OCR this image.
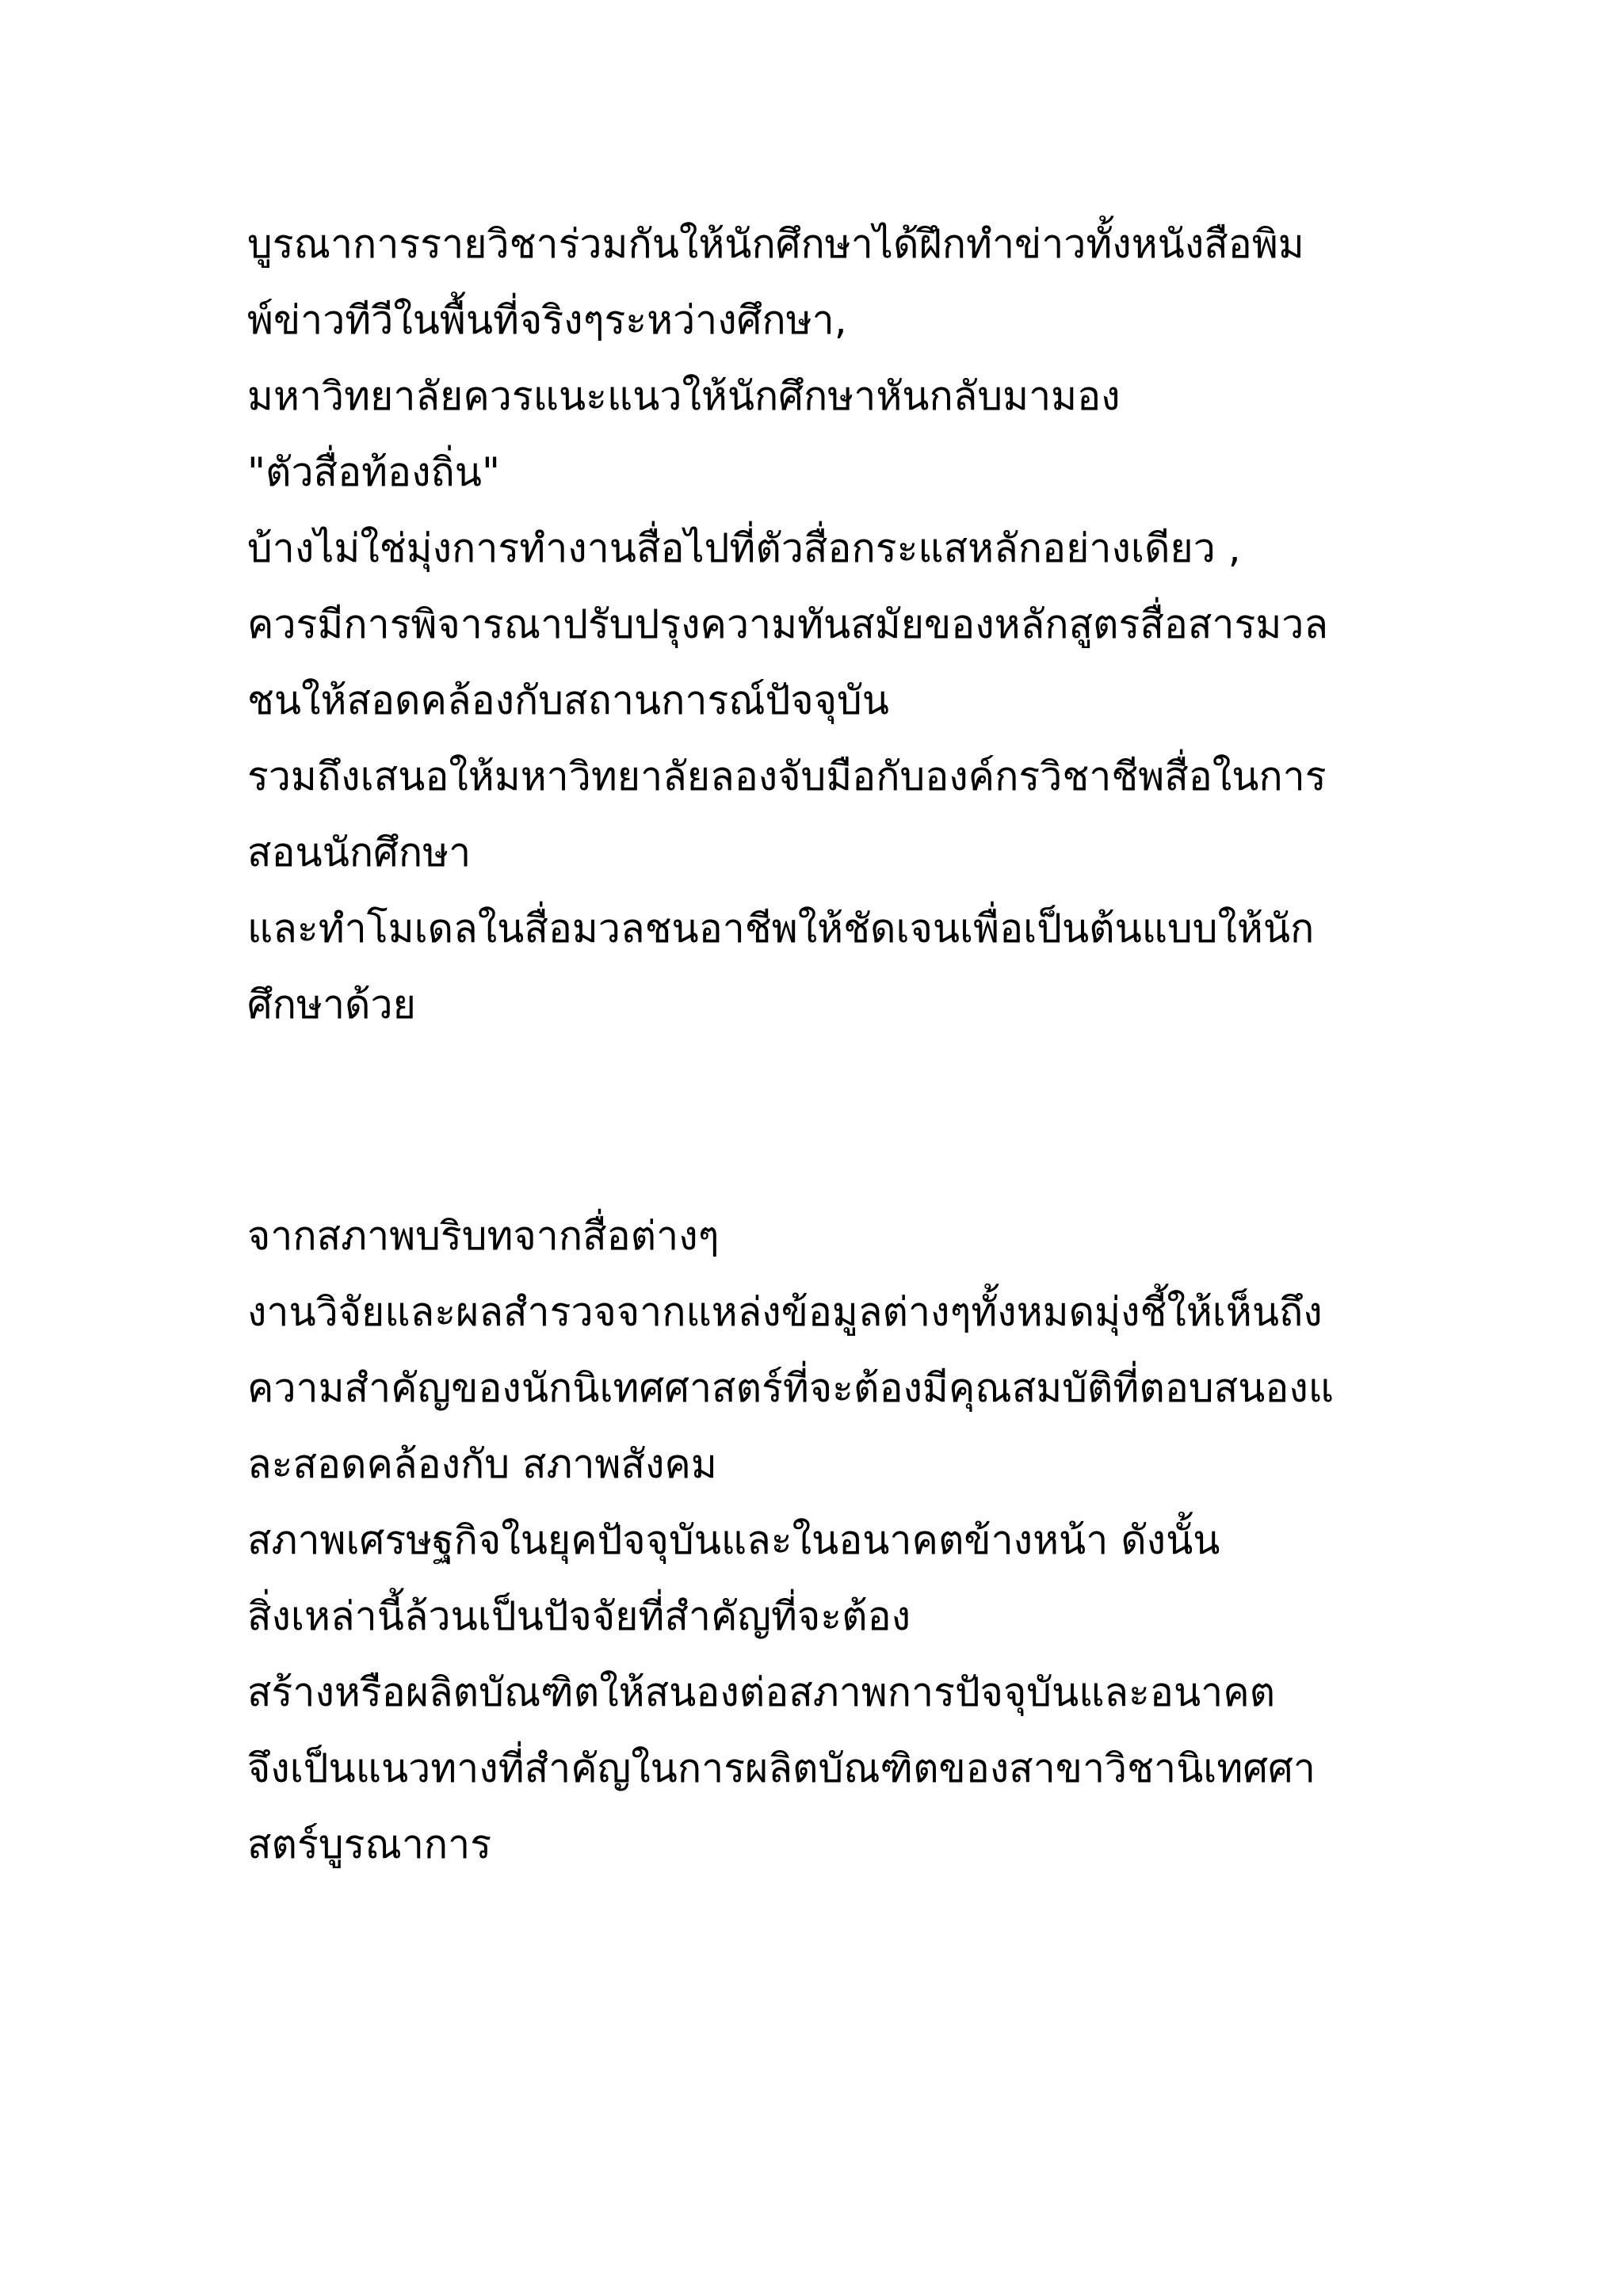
บูรณาการรายวิชาร่วมกันให้นักศึกษาได้ฝึกทำข่าวทั้งหนังสือพิม

พ์ข่าวทีวีในพื้นที่จริงๆระหว่างศึกษา,

มหาวิทยาลัยควรแนะแนวให้นักศึกษาหันกลับมามอง

"ตัวสื่อท้องถิ่น"

บ้างไม่ใช่มุ่งการทำงานสื่อไปที่ตัวสื่อกระแสหลักอย่างเดียว ,

ควรมีการพิจารณาปรับปรุงความทันสมัยของหลักสูตรสื่อสารมวล

ชนให้สอดคล้องกับสถานการณ์ปัจจุบัน

รวมถึงเสนอให้มหาวิทยาลัยลองจับมือกับองค์กรวิชาชีพสื่อในการ

สอนนักศึกษา

และทำโมเดลในสื่อมวลชนอาชีพให้ชัดเจนเพื่อเป็นต้นแบบให้นัก

ศึกษาด้วย

จากสภาพบริบทจากสื่อต่างๆ

งานวิจัยและผลสำรวจจากแหล่งข้อมูลต่างๆทั้งหมดมุ่งชี้ให้เห็นถึง

ความสำคัญของนักนิเทศศาสตร์ที่จะต้องมีคุณสมบัติที่ตอบสนองแ

ละสอดคล้องกับ สภาพสังคม

สภาพเศรษฐกิจในยุคปัจจุบันและในอนาคตข้างหน้า ดังนั้น

สิ่งเหล่านี้ล้วนเป็นปัจจัยที่สำคัญที่จะต้อง

สร้างหรือผลิตบัณฑิตให้สนองต่อสภาพการปัจจุบันและอนาคต

จึงเป็นแนวทางที่สำคัญในการผลิตบัณฑิตของสาขาวิชานิเทศศา

สตร์บูรณาการ
